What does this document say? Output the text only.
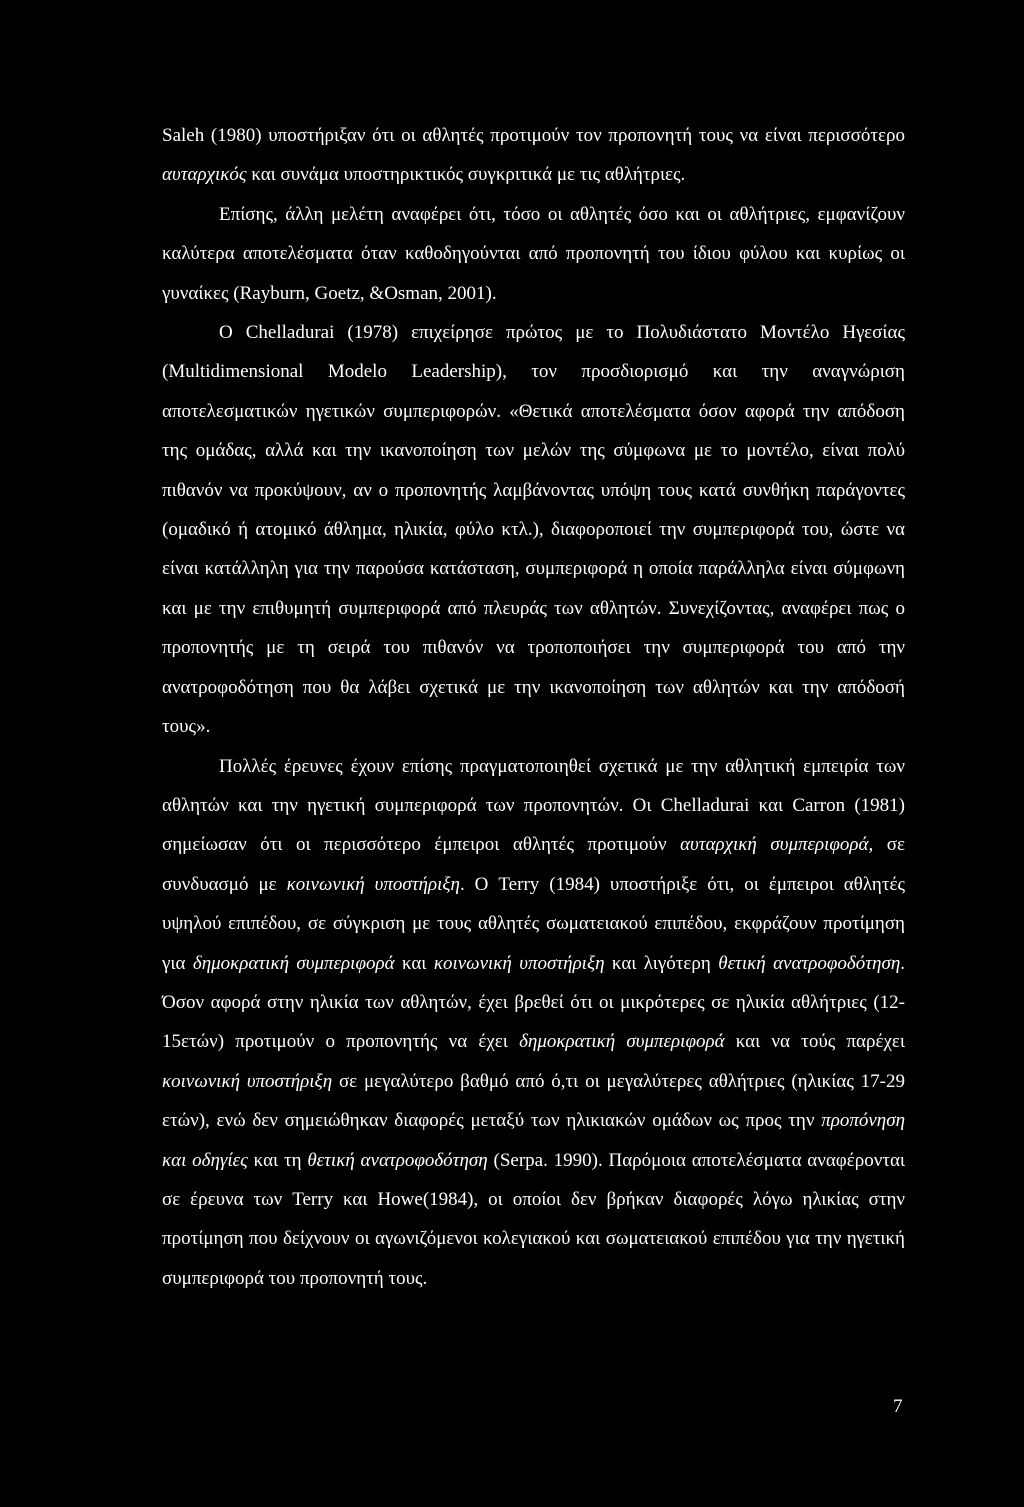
Saleh (1980) υποστήριξαν ότι οι αθλητές προτιμούν τον προπονητή τους να είναι περισσότερο αυταρχικός και συνάμα υποστηρικτικός συγκριτικά με τις αθλήτριες.

Επίσης, άλλη μελέτη αναφέρει ότι, τόσο οι αθλητές όσο και οι αθλήτριες, εμφανίζουν καλύτερα αποτελέσματα όταν καθοδηγούνται από προπονητή του ίδιου φύλου και κυρίως οι γυναίκες (Rayburn, Goetz, &Osman, 2001).

O Chelladurai (1978) επιχείρησε πρώτος με το Πολυδιάστατο Μοντέλο Ηγεσίας (Multidimensional Modelo Leadership), τον προσδιορισμό και την αναγνώριση αποτελεσματικών ηγετικών συμπεριφορών. «Θετικά αποτελέσματα όσον αφορά την απόδοση της ομάδας, αλλά και την ικανοποίηση των μελών της σύμφωνα με το μοντέλο, είναι πολύ πιθανόν να προκύψουν, αν ο προπονητής λαμβάνοντας υπόψη τους κατά συνθήκη παράγοντες (ομαδικό ή ατομικό άθλημα, ηλικία, φύλο κτλ.), διαφοροποιεί την συμπεριφορά του, ώστε να είναι κατάλληλη για την παρούσα κατάσταση, συμπεριφορά η οποία παράλληλα είναι σύμφωνη και με την επιθυμητή συμπεριφορά από πλευράς των αθλητών. Συνεχίζοντας, αναφέρει πως ο προπονητής με τη σειρά του πιθανόν να τροποποιήσει την συμπεριφορά του από την ανατροφοδότηση που θα λάβει σχετικά με την ικανοποίηση των αθλητών και την απόδοσή τους».

Πολλές έρευνες έχουν επίσης πραγματοποιηθεί σχετικά με την αθλητική εμπειρία των αθλητών και την ηγετική συμπεριφορά των προπονητών. Οι Chelladurai και Carron (1981) σημείωσαν ότι οι περισσότερο έμπειροι αθλητές προτιμούν αυταρχική συμπεριφορά, σε συνδυασμό με κοινωνική υποστήριξη. Ο Terry (1984) υποστήριξε ότι, οι έμπειροι αθλητές υψηλού επιπέδου, σε σύγκριση με τους αθλητές σωματειακού επιπέδου, εκφράζουν προτίμηση για δημοκρατική συμπεριφορά και κοινωνική υποστήριξη και λιγότερη θετική ανατροφοδότηση. Όσον αφορά στην ηλικία των αθλητών, έχει βρεθεί ότι οι μικρότερες σε ηλικία αθλήτριες (12-15ετών) προτιμούν ο προπονητής να έχει δημοκρατική συμπεριφορά και να τούς παρέχει κοινωνική υποστήριξη σε μεγαλύτερο βαθμό από ό,τι οι μεγαλύτερες αθλήτριες (ηλικίας 17-29 ετών), ενώ δεν σημειώθηκαν διαφορές μεταξύ των ηλικιακών ομάδων ως προς την προπόνηση και οδηγίες και τη θετική ανατροφοδότηση (Serpa. 1990). Παρόμοια αποτελέσματα αναφέρονται σε έρευνα των Terry και Howe(1984), οι οποίοι δεν βρήκαν διαφορές λόγω ηλικίας στην προτίμηση που δείχνουν οι αγωνιζόμενοι κολεγιακού και σωματειακού επιπέδου για την ηγετική συμπεριφορά του προπονητή τους.

7
